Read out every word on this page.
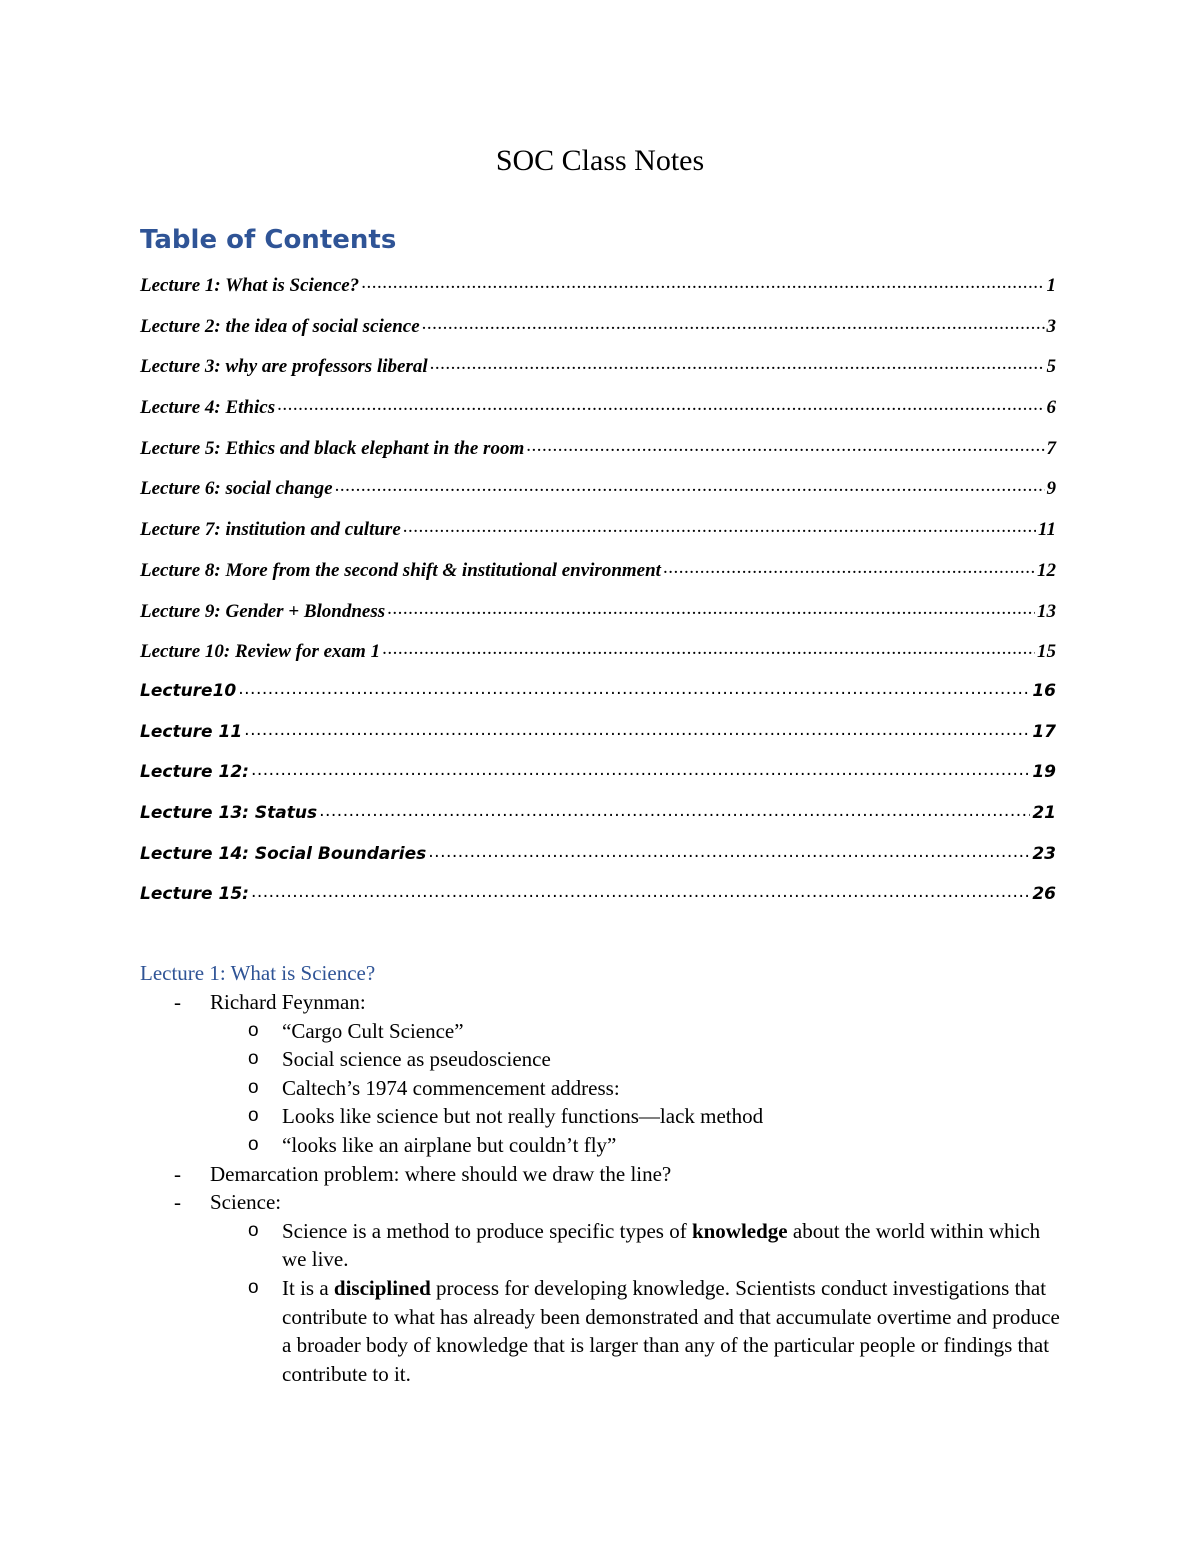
SOC Class Notes
Table of Contents
Lecture 1: What is Science? .....	1
Lecture 2: the idea of social science .....	3
Lecture 3: why are professors liberal .....	5
Lecture 4: Ethics .....	6
Lecture 5: Ethics and black elephant in the room .....	7
Lecture 6: social change .....	9
Lecture 7: institution and culture .....	11
Lecture 8: More from the second shift & institutional environment .....	12
Lecture 9: Gender + Blondness .....	13
Lecture 10: Review for exam 1 .....	15
Lecture10 .....	16
Lecture 11 .....	17
Lecture 12: .....	19
Lecture 13: Status .....	21
Lecture 14: Social Boundaries .....	23
Lecture 15: .....	26
Lecture 1: What is Science?
- Richard Feynman:
o “Cargo Cult Science”
o Social science as pseudoscience
o Caltech’s 1974 commencement address:
o Looks like science but not really functions—lack method
o “looks like an airplane but couldn’t fly”
- Demarcation problem: where should we draw the line?
- Science:
o Science is a method to produce specific types of knowledge about the world within which we live.
o It is a disciplined process for developing knowledge. Scientists conduct investigations that contribute to what has already been demonstrated and that accumulate overtime and produce a broader body of knowledge that is larger than any of the particular people or findings that contribute to it.
